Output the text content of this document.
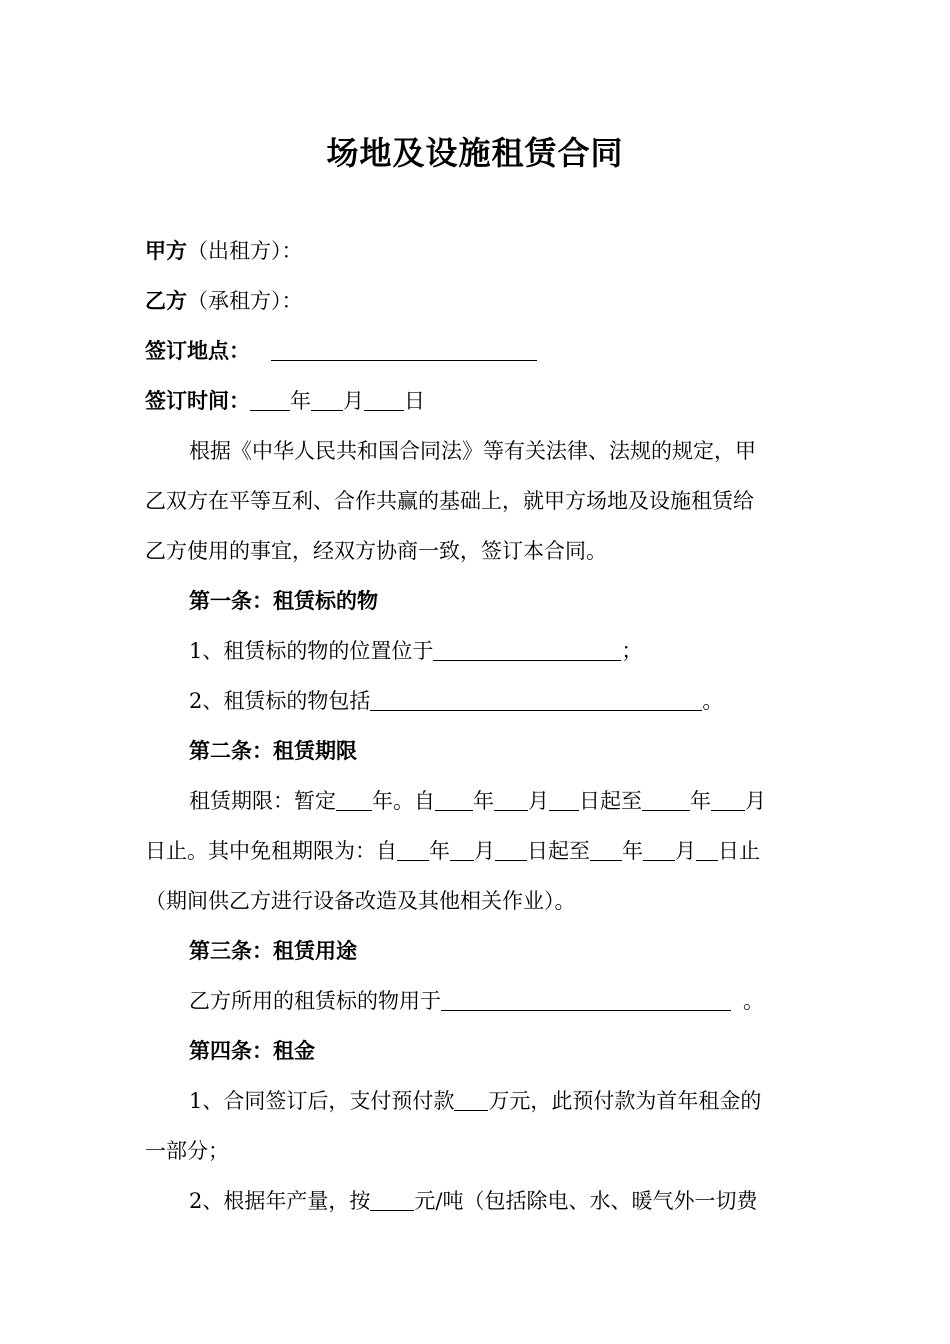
场地及设施租赁合同
甲方（出租方）：
乙方（承租方）：
签订地点：
签订时间： 年 月 日
根据《中华人民共和国合同法》等有关法律、法规的规定，甲
乙双方在平等互利、合作共赢的基础上，就甲方场地及设施租赁给
乙方使用的事宜，经双方协商一致，签订本合同。
第一条：租赁标的物
1、租赁标的物的位置位于	；
2、租赁标的物包括	。
第二条：租赁期限
租赁期限：暂定 年。自 年 月 日起至 年 月
日止。其中免租期限为：自 年 月 日起至 年 月 日止
（期间供乙方进行设备改造及其他相关作业）。
第三条：租赁用途
乙方所用的租赁标的物用于	。
第四条：租金
1、合同签订后，支付预付款 万元，此预付款为首年租金的
一部分；
2、根据年产量，按 元/吨（包括除电、水、暖气外一切费
